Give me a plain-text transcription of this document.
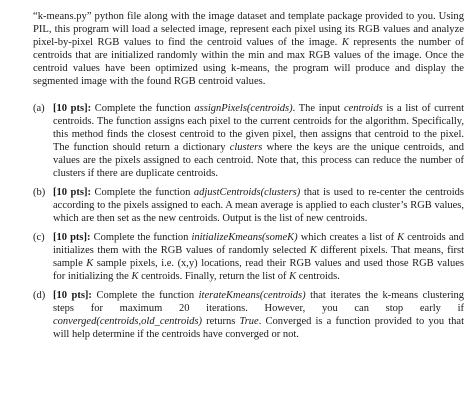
“k-means.py” python file along with the image dataset and template package provided to you. Using PIL, this program will load a selected image, represent each pixel using its RGB values and analyze pixel-by-pixel RGB values to find the centroid values of the image. K represents the number of centroids that are initialized randomly within the min and max RGB values of the image. Once the centroid values have been optimized using k-means, the program will produce and display the segmented image with the found RGB centroid values.

(a) [10 pts]: Complete the function assignPixels(centroids). The input centroids is a list of current centroids. The function assigns each pixel to the current centroids for the algorithm. Specifically, this method finds the closest centroid to the given pixel, then assigns that centroid to the pixel. The function should return a dictionary clusters where the keys are the unique centroids, and values are the pixels assigned to each centroid. Note that, this process can reduce the number of clusters if there are duplicate centroids.
(b) [10 pts]: Complete the function adjustCentroids(clusters) that is used to re-center the centroids according to the pixels assigned to each. A mean average is applied to each cluster’s RGB values, which are then set as the new centroids. Output is the list of new centroids.
(c) [10 pts]: Complete the function initializeKmeans(someK) which creates a list of K centroids and initializes them with the RGB values of randomly selected K different pixels. That means, first sample K sample pixels, i.e. (x,y) locations, read their RGB values and used those RGB values for initializing the K centroids. Finally, return the list of K centroids.
(d) [10 pts]: Complete the function iterateKmeans(centroids) that iterates the k-means clustering steps for maximum 20 iterations. However, you can stop early if converged(centroids,old_centroids) returns True. Converged is a function provided to you that will help determine if the centroids have converged or not.
